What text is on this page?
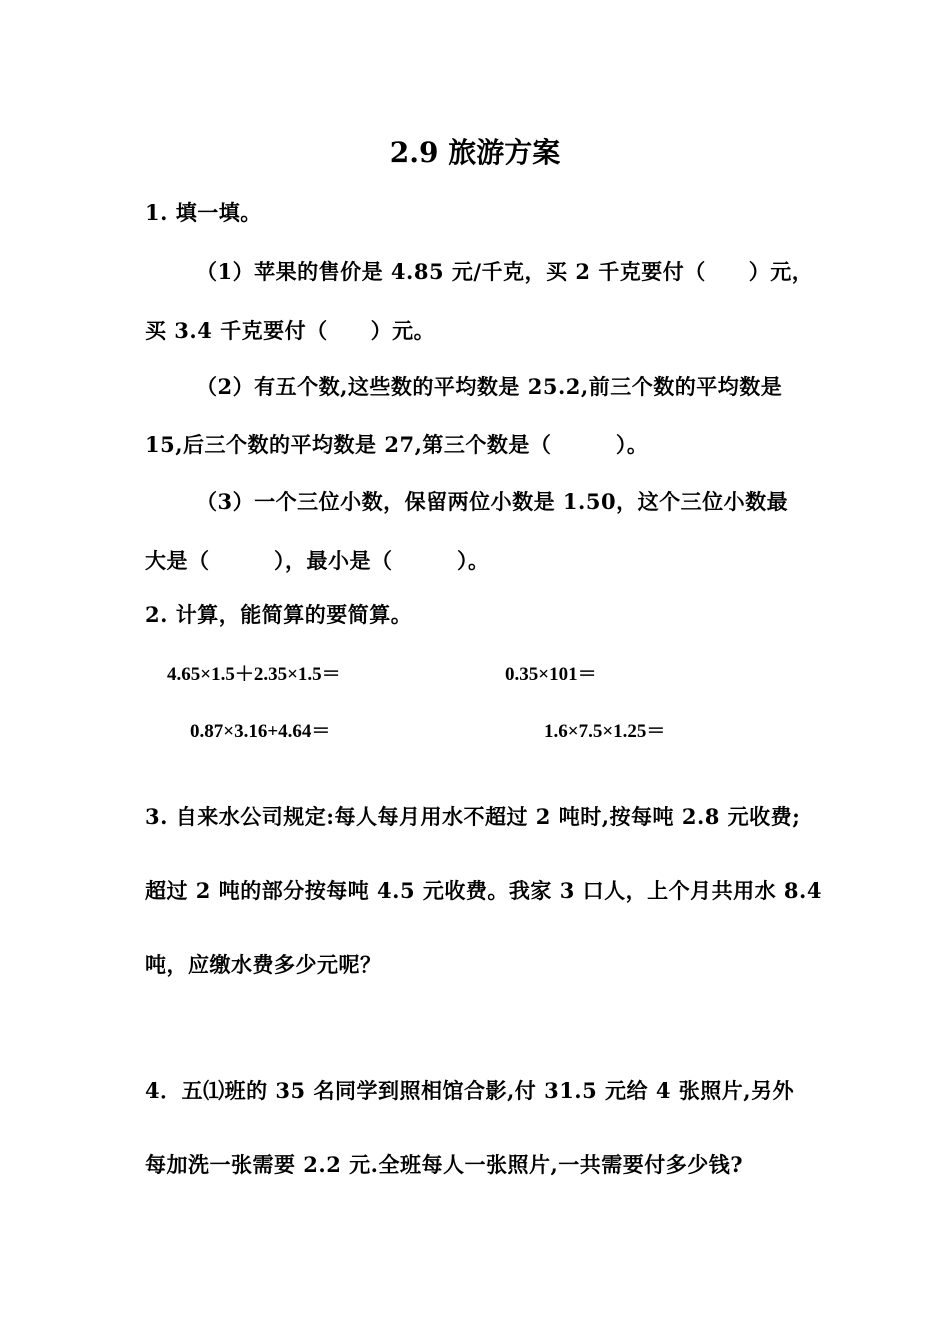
2.9 旅游方案
1. 填一填。
（1）苹果的售价是 4.85 元/千克，买 2 千克要付（　　）元，
买 3.4 千克要付（　　）元。
（2）有五个数,这些数的平均数是 25.2,前三个数的平均数是
15,后三个数的平均数是 27,第三个数是（　　　）。
（3）一个三位小数，保留两位小数是 1.50，这个三位小数最
大是（　　　），最小是（　　　）。
2. 计算，能简算的要简算。
4.65×1.5＋2.35×1.5＝	0.35×101＝
0.87×3.16+4.64＝	1.6×7.5×1.25＝
3. 自来水公司规定:每人每月用水不超过 2 吨时,按每吨 2.8 元收费;
超过 2 吨的部分按每吨 4.5 元收费。我家 3 口人，上个月共用水 8.4
吨，应缴水费多少元呢？
4．五⑴班的 35 名同学到照相馆合影,付 31.5 元给 4 张照片,另外
每加洗一张需要 2.2 元.全班每人一张照片,一共需要付多少钱?
